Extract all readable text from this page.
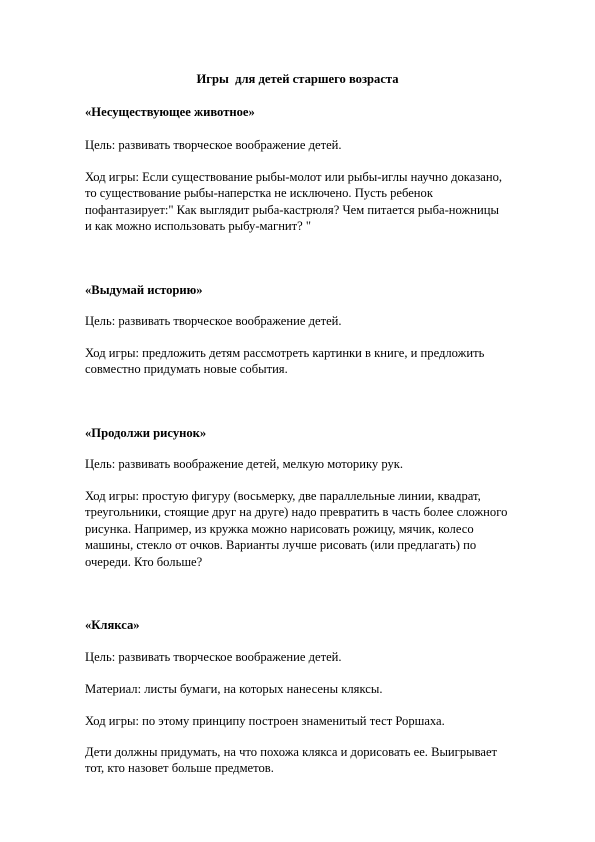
Игры  для детей старшего возраста
«Несуществующее животное»
Цель: развивать творческое воображение детей.
Ход игры: Если существование рыбы-молот или рыбы-иглы научно доказано,
то существование рыбы-наперстка не исключено. Пусть ребенок
пофантазирует:" Как выглядит рыба-кастрюля? Чем питается рыба-ножницы
и как можно использовать рыбу-магнит? "
«Выдумай историю»
Цель: развивать творческое воображение детей.
Ход игры: предложить детям рассмотреть картинки в книге, и предложить
совместно придумать новые события.
«Продолжи рисунок»
Цель: развивать воображение детей, мелкую моторику рук.
Ход игры: простую фигуру (восьмерку, две параллельные линии, квадрат,
треугольники, стоящие друг на друге) надо превратить в часть более сложного
рисунка. Например, из кружка можно нарисовать рожицу, мячик, колесо
машины, стекло от очков. Варианты лучше рисовать (или предлагать) по
очереди. Кто больше?
«Клякса»
Цель: развивать творческое воображение детей.
Материал: листы бумаги, на которых нанесены кляксы.
Ход игры: по этому принципу построен знаменитый тест Роршаха.
Дети должны придумать, на что похожа клякса и дорисовать ее. Выигрывает
тот, кто назовет больше предметов.
